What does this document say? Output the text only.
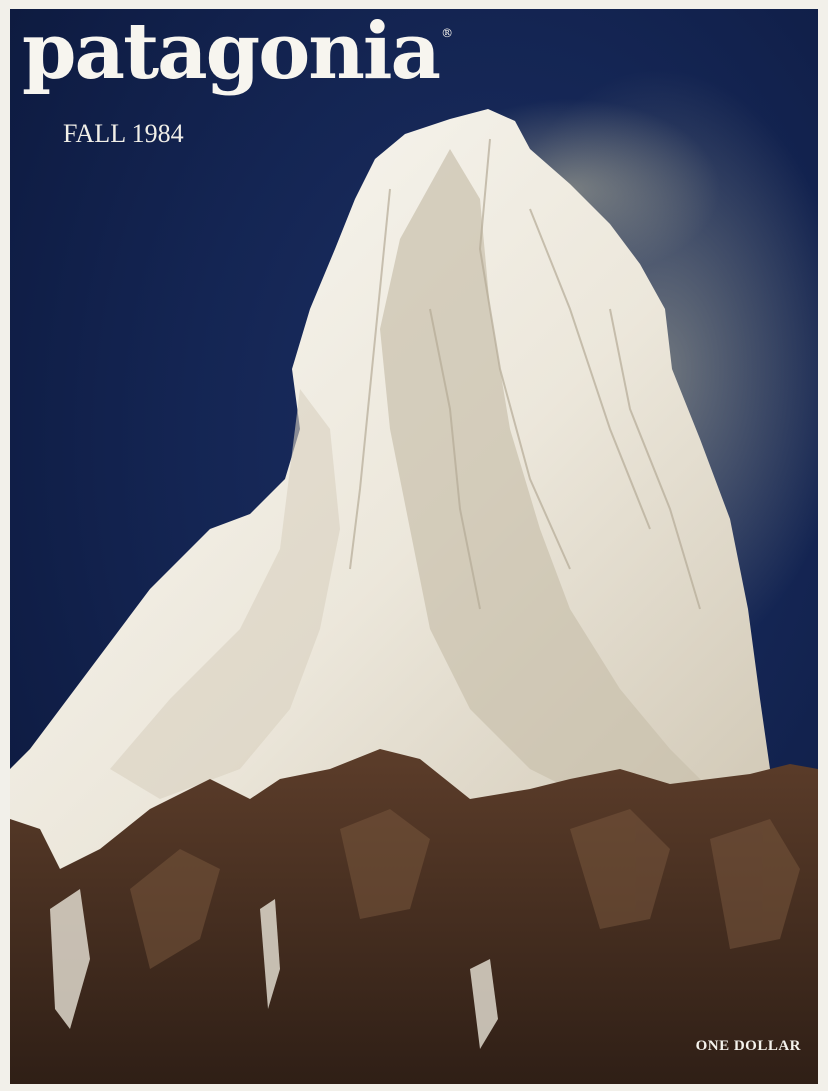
patagonia ®
FALL 1984
ONE DOLLAR
